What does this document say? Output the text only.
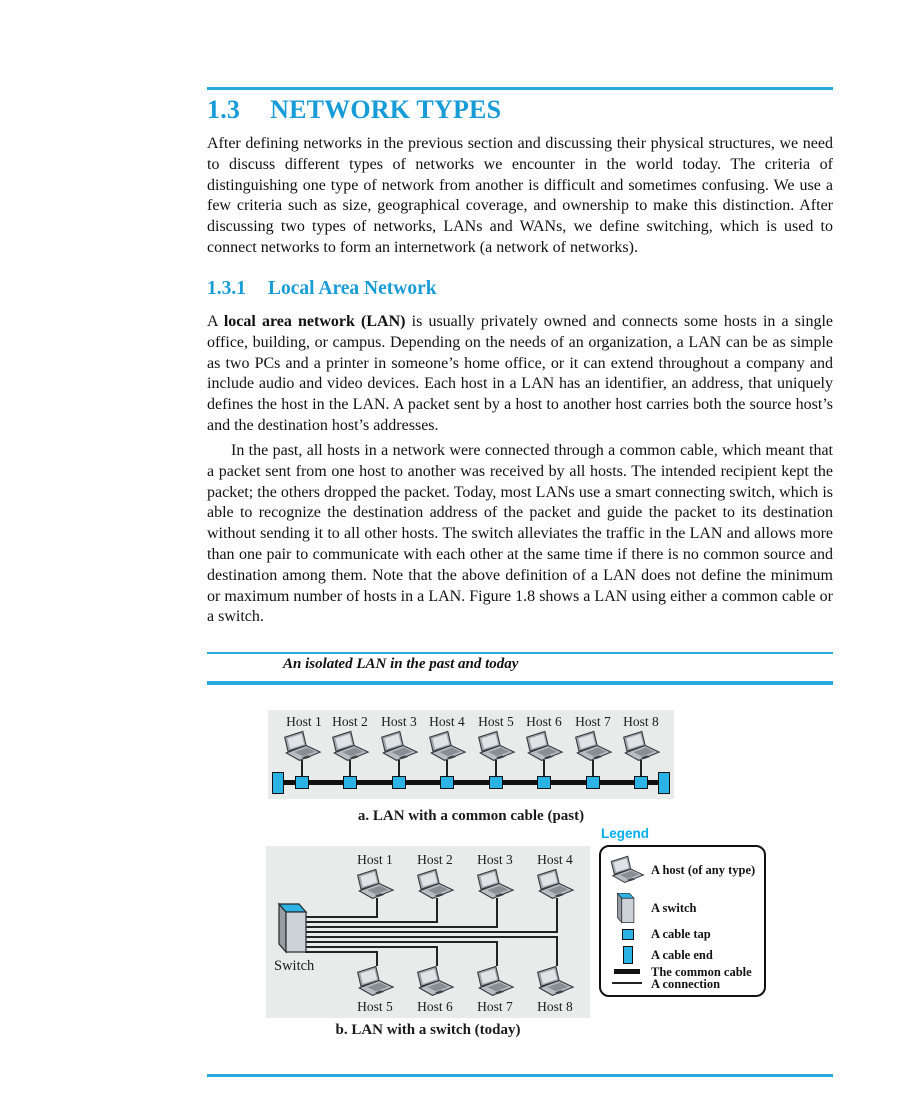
1.3 NETWORK TYPES

After defining networks in the previous section and discussing their physical structures, we need to discuss different types of networks we encounter in the world today. The criteria of distinguishing one type of network from another is difficult and sometimes confusing. We use a few criteria such as size, geographical coverage, and ownership to make this distinction. After discussing two types of networks, LANs and WANs, we define switching, which is used to connect networks to form an internetwork (a network of networks).

1.3.1 Local Area Network

A local area network (LAN) is usually privately owned and connects some hosts in a single office, building, or campus. Depending on the needs of an organization, a LAN can be as simple as two PCs and a printer in someone’s home office, or it can extend throughout a company and include audio and video devices. Each host in a LAN has an identifier, an address, that uniquely defines the host in the LAN. A packet sent by a host to another host carries both the source host’s and the destination host’s addresses.

In the past, all hosts in a network were connected through a common cable, which meant that a packet sent from one host to another was received by all hosts. The intended recipient kept the packet; the others dropped the packet. Today, most LANs use a smart connecting switch, which is able to recognize the destination address of the packet and guide the packet to its destination without sending it to all other hosts. The switch alleviates the traffic in the LAN and allows more than one pair to communicate with each other at the same time if there is no common source and destination among them. Note that the above definition of a LAN does not define the minimum or maximum number of hosts in a LAN. Figure 1.8 shows a LAN using either a common cable or a switch.

An isolated LAN in the past and today
Host 1 Host 2 Host 3 Host 4 Host 5 Host 6 Host 7 Host 8
a. LAN with a common cable (past)
Legend
A host (of any type)
A switch
A cable tap
A cable end
The common cable
A connection
Host 1	Host 2	Host 3	Host 4
Switch
Host 5	Host 6	Host 7	Host 8
b. LAN with a switch (today)
